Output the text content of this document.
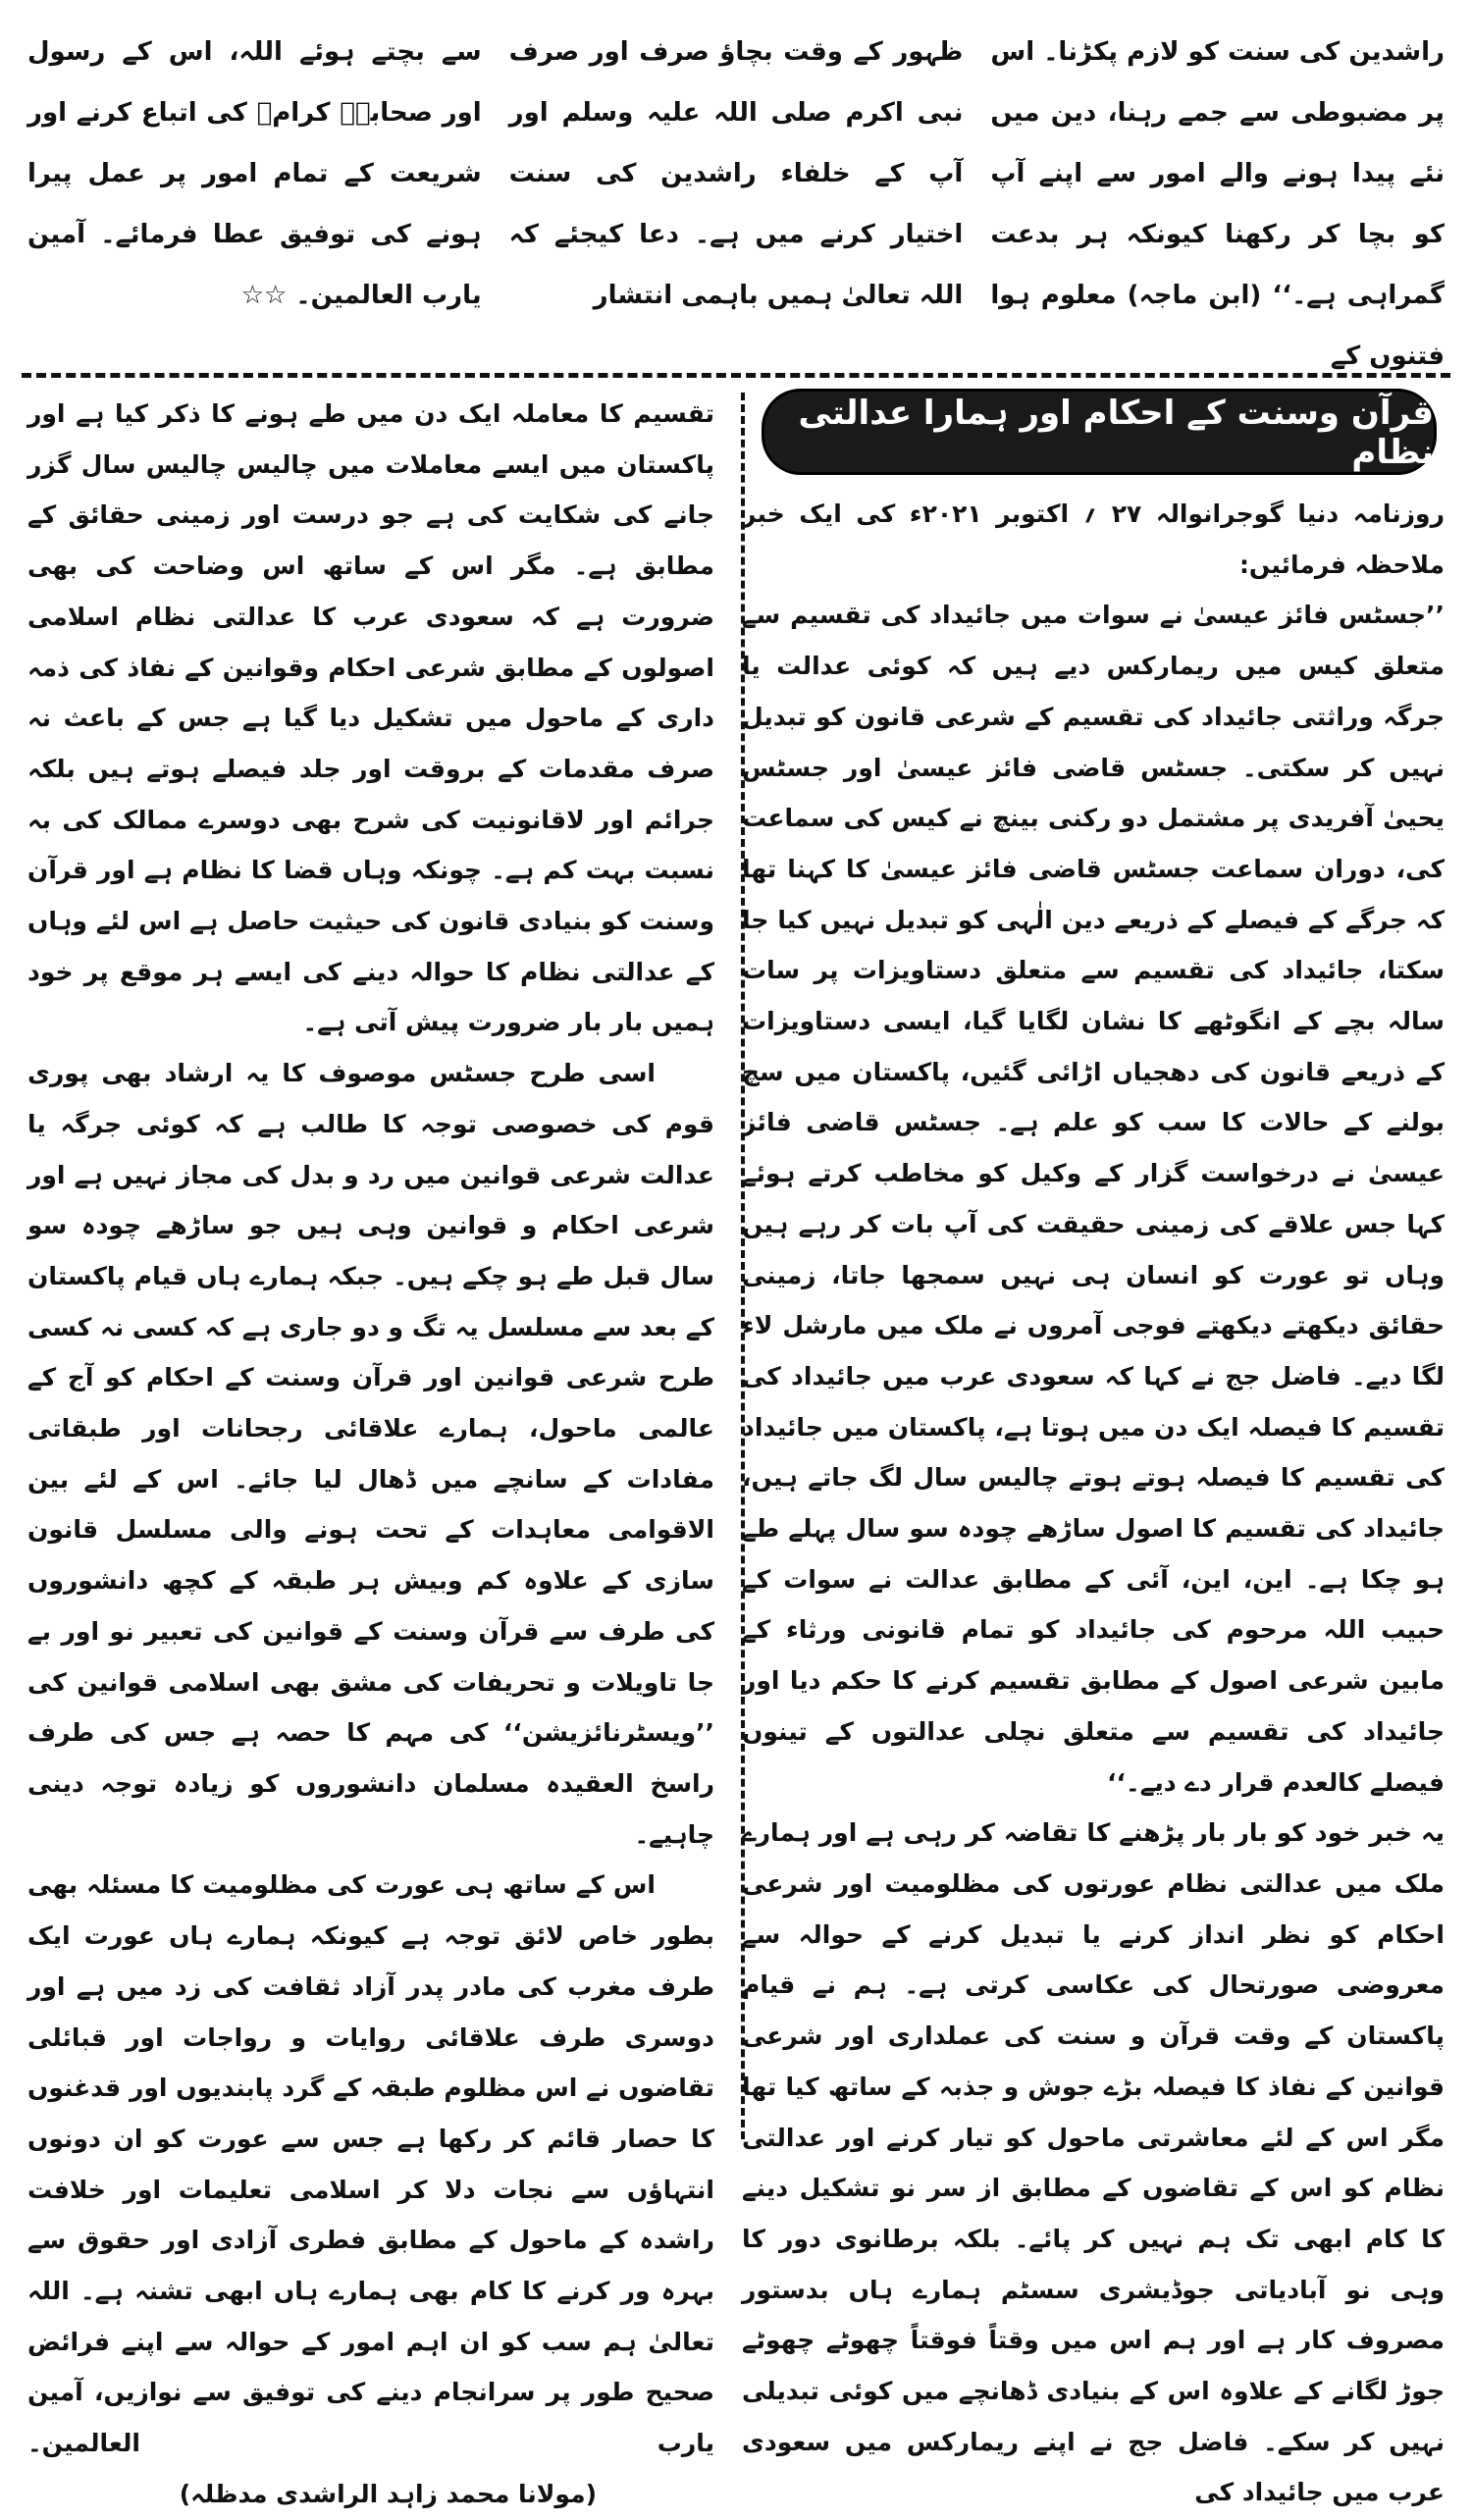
راشدین کی سنت کو لازم پکڑنا۔ اس پر مضبوطی سے جمے رہنا، دین میں نئے پیدا ہونے والے امور سے اپنے آپ کو بچا کر رکھنا کیونکہ ہر بدعت گمراہی ہے۔‘‘ (ابن ماجہ) معلوم ہوا فتنوں کے

ظہور کے وقت بچاؤ صرف اور صرف نبی اکرم صلی اللہ علیہ وسلم اور آپ کے خلفاء راشدین کی سنت اختیار کرنے میں ہے۔ دعا کیجئے کہ اللہ تعالیٰ ہمیں باہمی انتشار

سے بچتے ہوئے اللہ، اس کے رسول اور صحابہؓ کرامؓ کی اتباع کرنے اور شریعت کے تمام امور پر عمل پیرا ہونے کی توفیق عطا فرمائے۔ آمین یارب العالمین۔ ☆☆

قرآن وسنت کے احکام اور ہمارا عدالتی نظام

روزنامہ دنیا گوجرانوالہ ۲۷ ؍ اکتوبر ۲۰۲۱ء کی ایک خبر ملاحظہ فرمائیں:

’’جسٹس فائز عیسیٰ نے سوات میں جائیداد کی تقسیم سے متعلق کیس میں ریمارکس دیے ہیں کہ کوئی عدالت یا جرگہ وراثتی جائیداد کی تقسیم کے شرعی قانون کو تبدیل نہیں کر سکتی۔ جسٹس قاضی فائز عیسیٰ اور جسٹس یحییٰ آفریدی پر مشتمل دو رکنی بینچ نے کیس کی سماعت کی، دوران سماعت جسٹس قاضی فائز عیسیٰ کا کہنا تھا کہ جرگے کے فیصلے کے ذریعے دین الٰہی کو تبدیل نہیں کیا جا سکتا، جائیداد کی تقسیم سے متعلق دستاویزات پر سات سالہ بچے کے انگوٹھے کا نشان لگایا گیا، ایسی دستاویزات کے ذریعے قانون کی دھجیاں اڑائی گئیں، پاکستان میں سچ بولنے کے حالات کا سب کو علم ہے۔ جسٹس قاضی فائز عیسیٰ نے درخواست گزار کے وکیل کو مخاطب کرتے ہوئے کہا جس علاقے کی زمینی حقیقت کی آپ بات کر رہے ہیں وہاں تو عورت کو انسان ہی نہیں سمجھا جاتا، زمینی حقائق دیکھتے دیکھتے فوجی آمروں نے ملک میں مارشل لاء لگا دیے۔ فاضل جج نے کہا کہ سعودی عرب میں جائیداد کی تقسیم کا فیصلہ ایک دن میں ہوتا ہے، پاکستان میں جائیداد کی تقسیم کا فیصلہ ہوتے ہوتے چالیس سال لگ جاتے ہیں، جائیداد کی تقسیم کا اصول ساڑھے چودہ سو سال پہلے طے ہو چکا ہے۔ این، این، آئی کے مطابق عدالت نے سوات کے حبیب اللہ مرحوم کی جائیداد کو تمام قانونی ورثاء کے مابین شرعی اصول کے مطابق تقسیم کرنے کا حکم دیا اور جائیداد کی تقسیم سے متعلق نچلی عدالتوں کے تینوں فیصلے کالعدم قرار دے دیے۔‘‘

یہ خبر خود کو بار بار پڑھنے کا تقاضہ کر رہی ہے اور ہمارے ملک میں عدالتی نظام عورتوں کی مظلومیت اور شرعی احکام کو نظر انداز کرنے یا تبدیل کرنے کے حوالہ سے معروضی صورتحال کی عکاسی کرتی ہے۔ ہم نے قیام پاکستان کے وقت قرآن و سنت کی عملداری اور شرعی قوانین کے نفاذ کا فیصلہ بڑے جوش و جذبہ کے ساتھ کیا تھا مگر اس کے لئے معاشرتی ماحول کو تیار کرنے اور عدالتی نظام کو اس کے تقاضوں کے مطابق از سر نو تشکیل دینے کا کام ابھی تک ہم نہیں کر پائے۔ بلکہ برطانوی دور کا وہی نو آبادیاتی جوڈیشری سسٹم ہمارے ہاں بدستور مصروف کار ہے اور ہم اس میں وقتاً فوقتاً چھوٹے چھوٹے جوڑ لگانے کے علاوہ اس کے بنیادی ڈھانچے میں کوئی تبدیلی نہیں کر سکے۔ فاضل جج نے اپنے ریمارکس میں سعودی عرب میں جائیداد کی

تقسیم کا معاملہ ایک دن میں طے ہونے کا ذکر کیا ہے اور پاکستان میں ایسے معاملات میں چالیس چالیس سال گزر جانے کی شکایت کی ہے جو درست اور زمینی حقائق کے مطابق ہے۔ مگر اس کے ساتھ اس وضاحت کی بھی ضرورت ہے کہ سعودی عرب کا عدالتی نظام اسلامی اصولوں کے مطابق شرعی احکام وقوانین کے نفاذ کی ذمہ داری کے ماحول میں تشکیل دیا گیا ہے جس کے باعث نہ صرف مقدمات کے بروقت اور جلد فیصلے ہوتے ہیں بلکہ جرائم اور لاقانونیت کی شرح بھی دوسرے ممالک کی بہ نسبت بہت کم ہے۔ چونکہ وہاں قضا کا نظام ہے اور قرآن وسنت کو بنیادی قانون کی حیثیت حاصل ہے اس لئے وہاں کے عدالتی نظام کا حوالہ دینے کی ایسے ہر موقع پر خود ہمیں بار بار ضرورت پیش آتی ہے۔

اسی طرح جسٹس موصوف کا یہ ارشاد بھی پوری قوم کی خصوصی توجہ کا طالب ہے کہ کوئی جرگہ یا عدالت شرعی قوانین میں رد و بدل کی مجاز نہیں ہے اور شرعی احکام و قوانین وہی ہیں جو ساڑھے چودہ سو سال قبل طے ہو چکے ہیں۔ جبکہ ہمارے ہاں قیام پاکستان کے بعد سے مسلسل یہ تگ و دو جاری ہے کہ کسی نہ کسی طرح شرعی قوانین اور قرآن وسنت کے احکام کو آج کے عالمی ماحول، ہمارے علاقائی رجحانات اور طبقاتی مفادات کے سانچے میں ڈھال لیا جائے۔ اس کے لئے بین الاقوامی معاہدات کے تحت ہونے والی مسلسل قانون سازی کے علاوہ کم وبیش ہر طبقہ کے کچھ دانشوروں کی طرف سے قرآن وسنت کے قوانین کی تعبیر نو اور بے جا تاویلات و تحریفات کی مشق بھی اسلامی قوانین کی ’’ویسٹرنائزیشن‘‘ کی مہم کا حصہ ہے جس کی طرف راسخ العقیدہ مسلمان دانشوروں کو زیادہ توجہ دینی چاہیے۔

اس کے ساتھ ہی عورت کی مظلومیت کا مسئلہ بھی بطور خاص لائق توجہ ہے کیونکہ ہمارے ہاں عورت ایک طرف مغرب کی مادر پدر آزاد ثقافت کی زد میں ہے اور دوسری طرف علاقائی روایات و رواجات اور قبائلی تقاضوں نے اس مظلوم طبقہ کے گرد پابندیوں اور قدغنوں کا حصار قائم کر رکھا ہے جس سے عورت کو ان دونوں انتہاؤں سے نجات دلا کر اسلامی تعلیمات اور خلافت راشدہ کے ماحول کے مطابق فطری آزادی اور حقوق سے بہرہ ور کرنے کا کام بھی ہمارے ہاں ابھی تشنہ ہے۔ اللہ تعالیٰ ہم سب کو ان اہم امور کے حوالہ سے اپنے فرائض صحیح طور پر سرانجام دینے کی توفیق سے نوازیں، آمین یارب العالمین۔ (مولانا محمد زاہد الراشدی مدظلہ)
